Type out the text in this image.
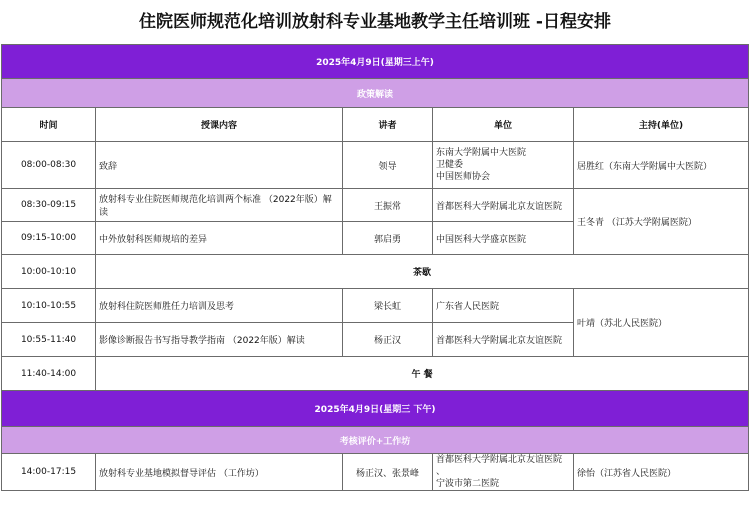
住院医师规范化培训放射科专业基地教学主任培训班 -日程安排
2025年4月9日(星期三上午)				
政策解读				
时间	授课内容	讲者	单位	主持(单位)
08:00-08:30	致辞	领导	东南大学附属中大医院
卫健委
中国医师协会	居胜红（东南大学附属中大医院）
08:30-09:15	放射科专业住院医师规范化培训两个标准 （2022年版）解读	王振常	首都医科大学附属北京友谊医院	王冬青 （江苏大学附属医院）
09:15-10:00	中外放射科医师规培的差异	郭启勇	中国医科大学盛京医院	
10:00-10:10	茶歇			
10:10-10:55	放射科住院医师胜任力培训及思考	梁长虹	广东省人民医院	叶靖（苏北人民医院）
10:55-11:40	影像诊断报告书写指导教学指南 （2022年版）解读	杨正汉	首都医科大学附属北京友谊医院	
11:40-14:00	午 餐			
2025年4月9日(星期三 下午)				
考核评价+工作坊				
14:00-17:15	放射科专业基地模拟督导评估 （工作坊）	杨正汉、张景峰	首都医科大学附属北京友谊医院 、
宁波市第二医院	徐怡（江苏省人民医院）
